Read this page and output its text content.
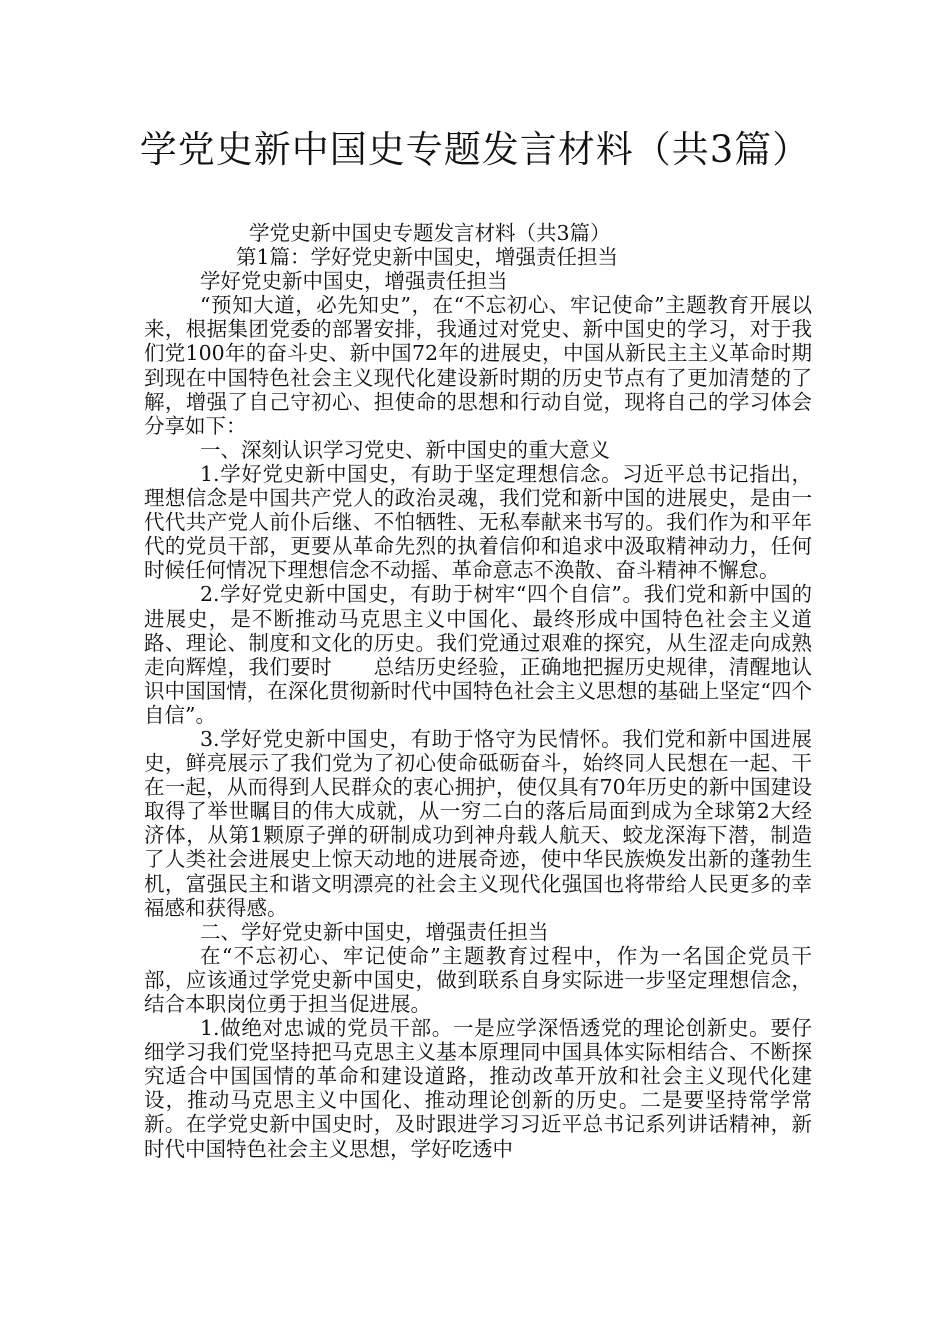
学党史新中国史专题发言材料（共3篇）

学党史新中国史专题发言材料（共3篇）

第1篇：学好党史新中国史，增强责任担当

学好党史新中国史，增强责任担当

“预知大道，必先知史”，在“不忘初心、牢记使命”主题教育开展以来，根据集团党委的部署安排，我通过对党史、新中国史的学习，对于我们党100年的奋斗史、新中国72年的进展史，中国从新民主主义革命时期到现在中国特色社会主义现代化建设新时期的历史节点有了更加清楚的了解，增强了自己守初心、担使命的思想和行动自觉，现将自己的学习体会分享如下：

一、深刻认识学习党史、新中国史的重大意义

1.学好党史新中国史，有助于坚定理想信念。习近平总书记指出，理想信念是中国共产党人的政治灵魂，我们党和新中国的进展史，是由一代代共产党人前仆后继、不怕牺牲、无私奉献来书写的。我们作为和平年代的党员干部，更要从革命先烈的执着信仰和追求中汲取精神动力，任何时候任何情况下理想信念不动摇、革命意志不涣散、奋斗精神不懈怠。

2.学好党史新中国史，有助于树牢“四个自信”。我们党和新中国的进展史，是不断推动马克思主义中国化、最终形成中国特色社会主义道路、理论、制度和文化的历史。我们党通过艰难的探究，从生涩走向成熟走向辉煌，我们要时　　总结历史经验，正确地把握历史规律，清醒地认识中国国情，在深化贯彻新时代中国特色社会主义思想的基础上坚定“四个自信”。

3.学好党史新中国史，有助于恪守为民情怀。我们党和新中国进展史，鲜亮展示了我们党为了初心使命砥砺奋斗，始终同人民想在一起、干在一起，从而得到人民群众的衷心拥护，使仅具有70年历史的新中国建设取得了举世瞩目的伟大成就，从一穷二白的落后局面到成为全球第2大经济体，从第1颗原子弹的研制成功到神舟载人航天、蛟龙深海下潜，制造了人类社会进展史上惊天动地的进展奇迹，使中华民族焕发出新的蓬勃生机，富强民主和谐文明漂亮的社会主义现代化强国也将带给人民更多的幸福感和获得感。

二、学好党史新中国史，增强责任担当

在“不忘初心、牢记使命”主题教育过程中，作为一名国企党员干部，应该通过学党史新中国史，做到联系自身实际进一步坚定理想信念，结合本职岗位勇于担当促进展。

1.做绝对忠诚的党员干部。一是应学深悟透党的理论创新史。要仔细学习我们党坚持把马克思主义基本原理同中国具体实际相结合、不断探究适合中国国情的革命和建设道路，推动改革开放和社会主义现代化建设，推动马克思主义中国化、推动理论创新的历史。二是要坚持常学常新。在学党史新中国史时，及时跟进学习习近平总书记系列讲话精神，新时代中国特色社会主义思想，学好吃透中
